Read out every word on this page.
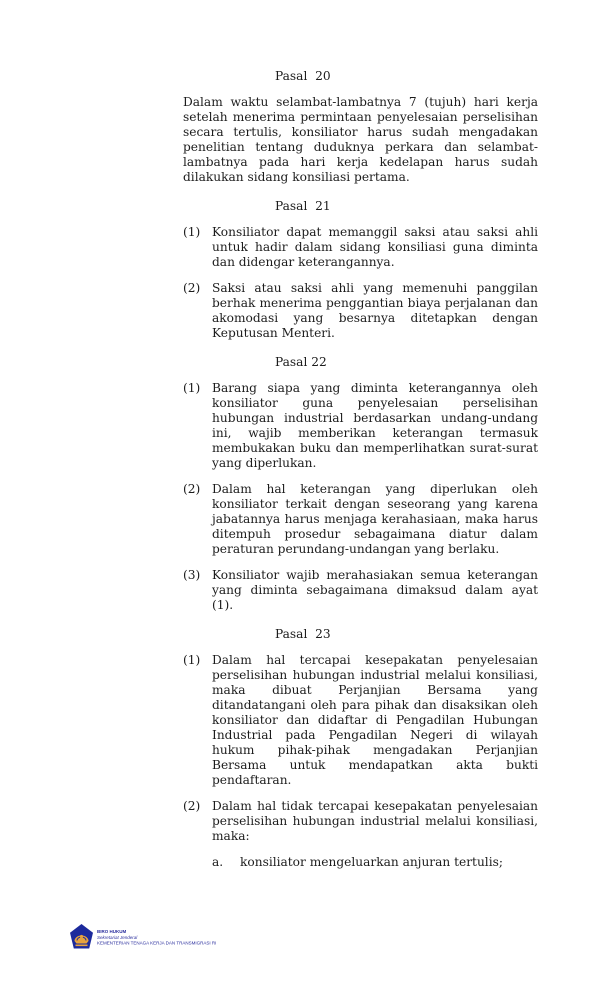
Pasal  20

Dalam waktu selambat-lambatnya 7 (tujuh) hari kerja setelah menerima permintaan penyelesaian perselisihan secara tertulis, konsiliator harus sudah mengadakan penelitian tentang duduknya perkara dan selambat-lambatnya pada hari kerja kedelapan harus sudah dilakukan sidang konsiliasi pertama.

Pasal  21
(1) Konsiliator dapat memanggil saksi atau saksi ahli untuk hadir dalam sidang konsiliasi guna diminta dan didengar keterangannya.
(2) Saksi atau saksi ahli yang memenuhi panggilan berhak menerima penggantian biaya perjalanan dan akomodasi yang besarnya ditetapkan dengan Keputusan Menteri.
Pasal 22
(1) Barang siapa yang diminta keterangannya oleh konsiliator guna penyelesaian perselisihan hubungan industrial berdasarkan undang-undang ini, wajib memberikan keterangan termasuk membukakan buku dan memperlihatkan surat-surat yang diperlukan.
(2) Dalam hal keterangan yang diperlukan oleh konsiliator terkait dengan seseorang yang karena jabatannya harus menjaga kerahasiaan, maka harus ditempuh prosedur sebagaimana diatur dalam peraturan perundang-undangan yang berlaku.
(3) Konsiliator wajib merahasiakan semua keterangan yang diminta sebagaimana dimaksud dalam ayat (1).
Pasal  23
(1) Dalam hal tercapai kesepakatan penyelesaian perselisihan hubungan industrial melalui konsiliasi, maka dibuat Perjanjian Bersama yang ditandatangani oleh para pihak dan disaksikan oleh konsiliator dan didaftar di Pengadilan Hubungan Industrial pada Pengadilan Negeri di wilayah hukum pihak-pihak mengadakan Perjanjian Bersama untuk mendapatkan akta bukti pendaftaran.
(2) Dalam hal tidak tercapai kesepakatan penyelesaian perselisihan hubungan industrial melalui konsiliasi, maka:
a.	konsiliator mengeluarkan anjuran tertulis;
BIRO HUKUM
Sekretariat Jenderal
KEMENTERIAN TENAGA KERJA DAN TRANSMIGRASI RI
